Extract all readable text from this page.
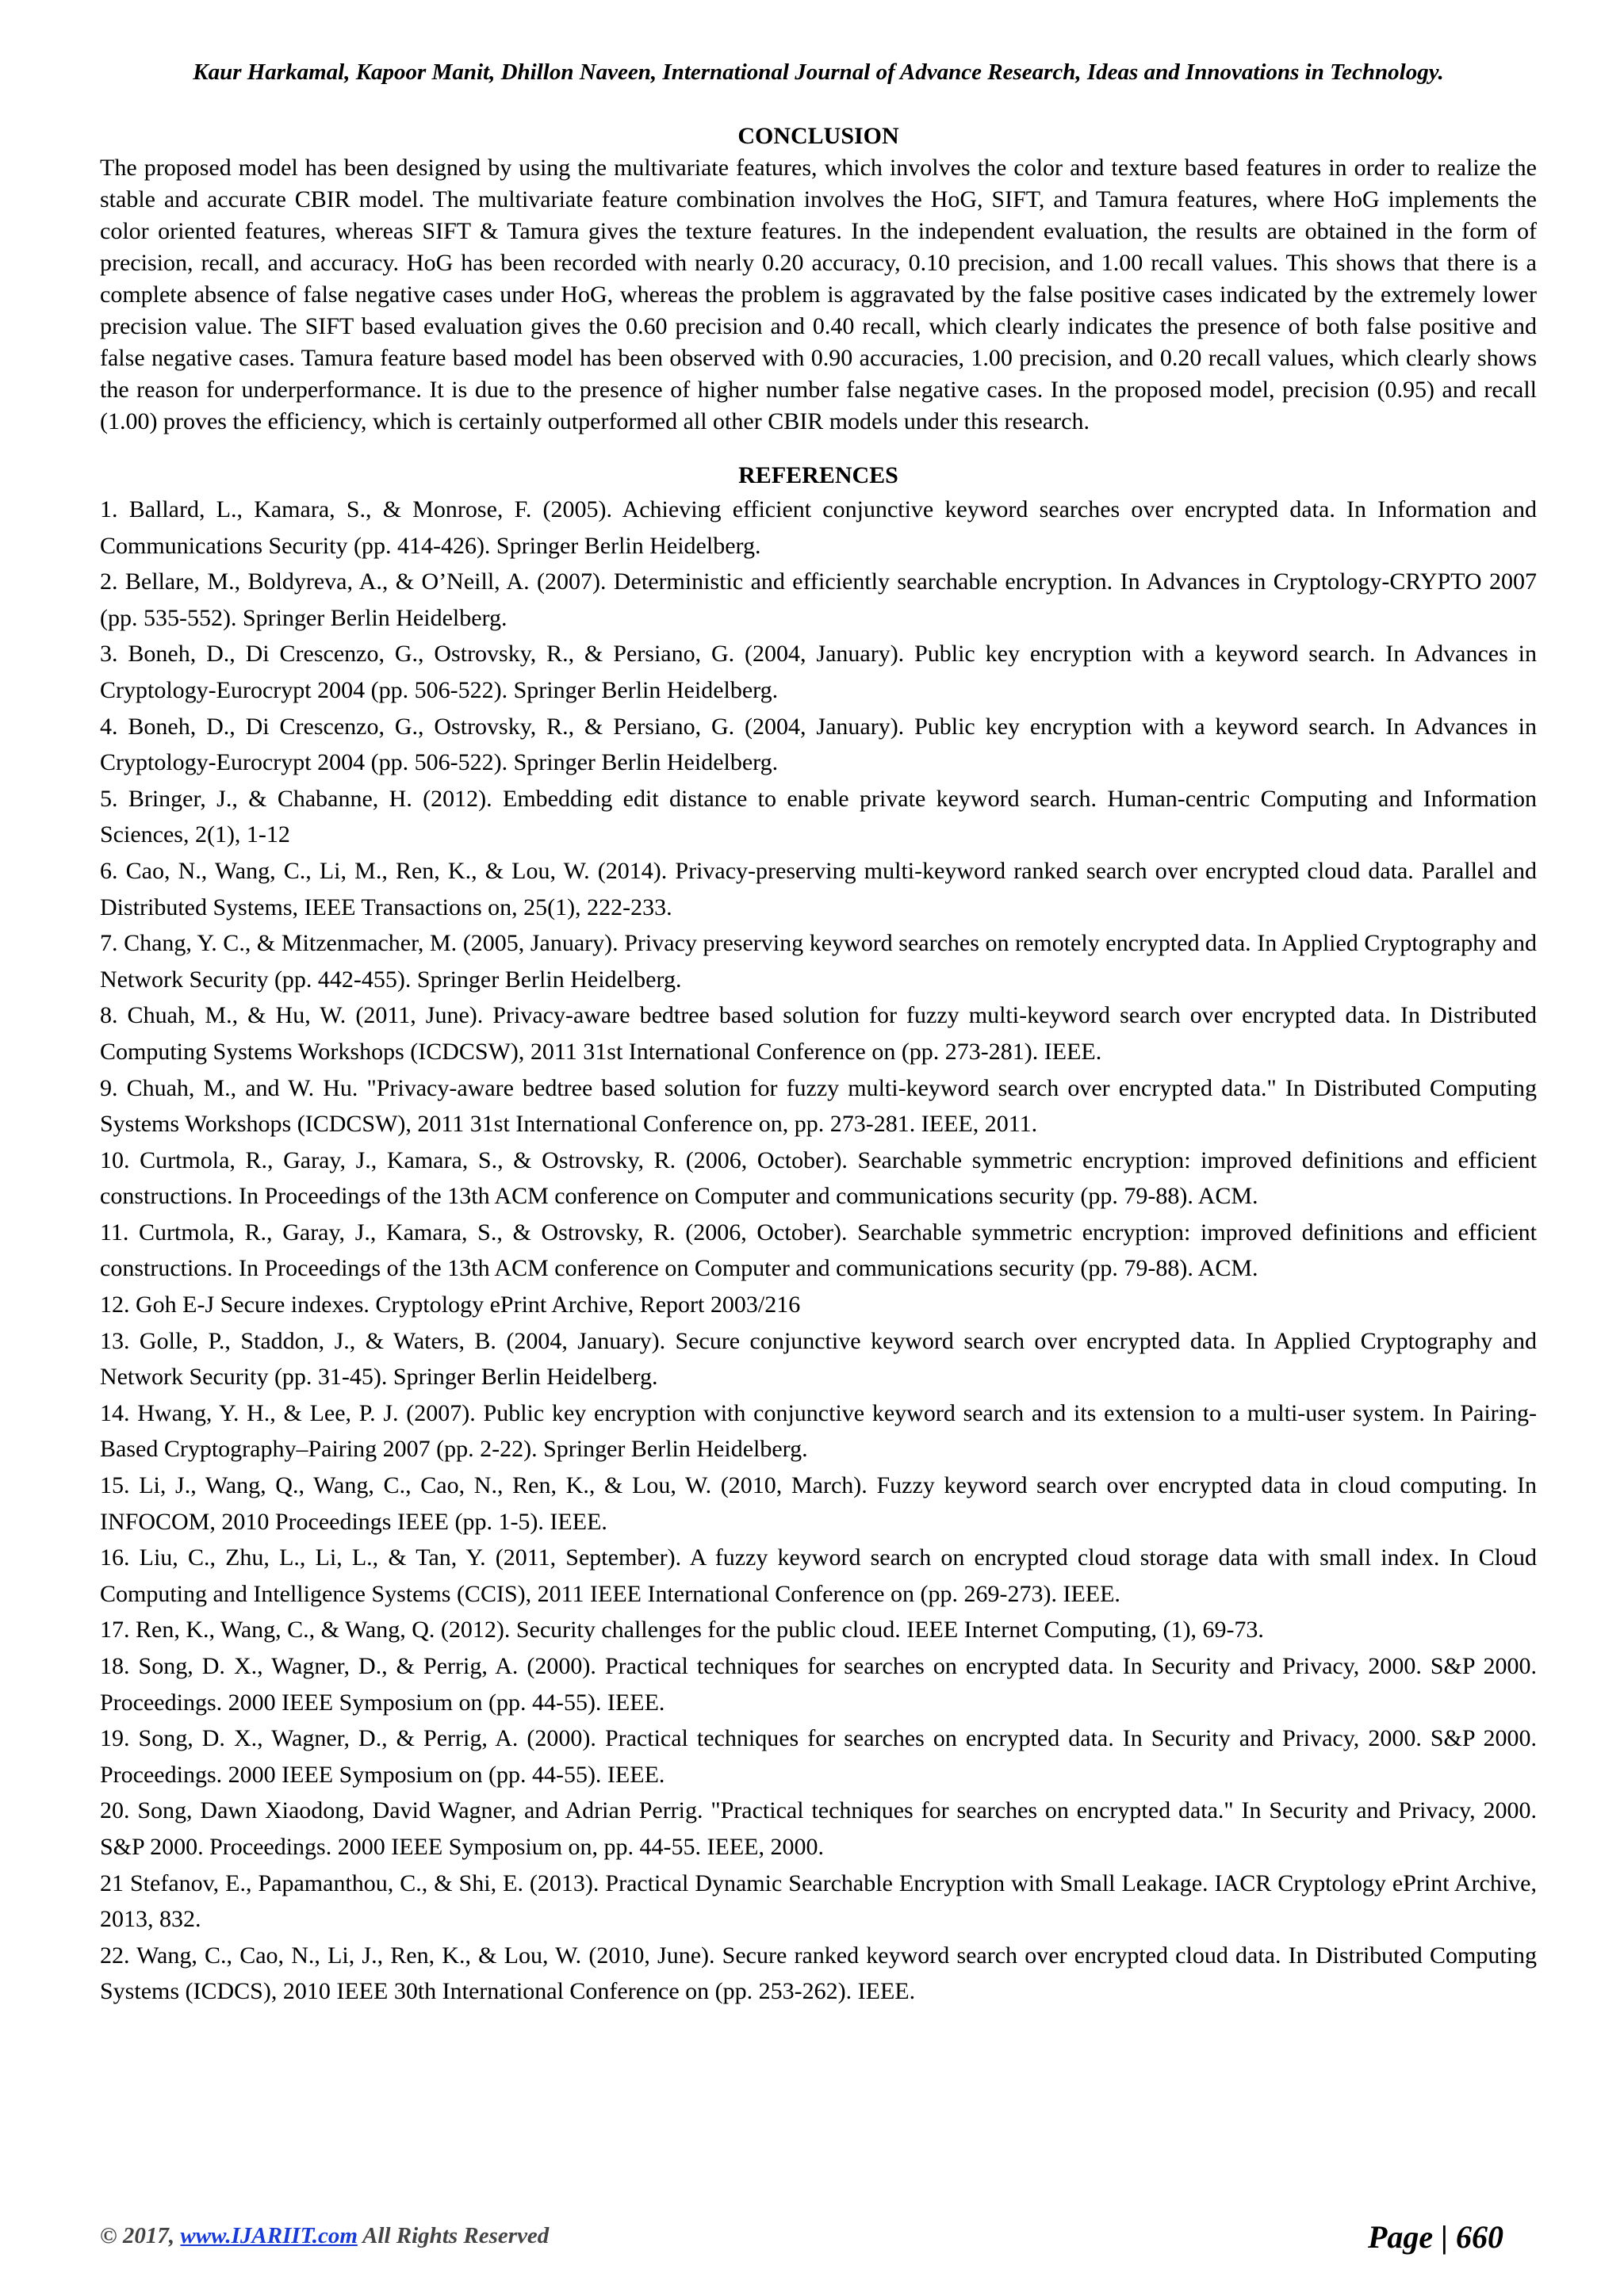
Kaur Harkamal, Kapoor Manit, Dhillon Naveen, International Journal of Advance Research, Ideas and Innovations in Technology.
CONCLUSION

The proposed model has been designed by using the multivariate features, which involves the color and texture based features in order to realize the stable and accurate CBIR model. The multivariate feature combination involves the HoG, SIFT, and Tamura features, where HoG implements the color oriented features, whereas SIFT & Tamura gives the texture features. In the independent evaluation, the results are obtained in the form of precision, recall, and accuracy. HoG has been recorded with nearly 0.20 accuracy, 0.10 precision, and 1.00 recall values. This shows that there is a complete absence of false negative cases under HoG, whereas the problem is aggravated by the false positive cases indicated by the extremely lower precision value. The SIFT based evaluation gives the 0.60 precision and 0.40 recall, which clearly indicates the presence of both false positive and false negative cases. Tamura feature based model has been observed with 0.90 accuracies, 1.00 precision, and 0.20 recall values, which clearly shows the reason for underperformance. It is due to the presence of higher number false negative cases. In the proposed model, precision (0.95) and recall (1.00) proves the efficiency, which is certainly outperformed all other CBIR models under this research.

REFERENCES
1. Ballard, L., Kamara, S., & Monrose, F. (2005). Achieving efficient conjunctive keyword searches over encrypted data. In Information and Communications Security (pp. 414-426). Springer Berlin Heidelberg.
2. Bellare, M., Boldyreva, A., & O’Neill, A. (2007). Deterministic and efficiently searchable encryption. In Advances in Cryptology-CRYPTO 2007 (pp. 535-552). Springer Berlin Heidelberg.
3. Boneh, D., Di Crescenzo, G., Ostrovsky, R., & Persiano, G. (2004, January). Public key encryption with a keyword search. In Advances in Cryptology-Eurocrypt 2004 (pp. 506-522). Springer Berlin Heidelberg.
4. Boneh, D., Di Crescenzo, G., Ostrovsky, R., & Persiano, G. (2004, January). Public key encryption with a keyword search. In Advances in Cryptology-Eurocrypt 2004 (pp. 506-522). Springer Berlin Heidelberg.
5. Bringer, J., & Chabanne, H. (2012). Embedding edit distance to enable private keyword search. Human-centric Computing and Information Sciences, 2(1), 1-12
6. Cao, N., Wang, C., Li, M., Ren, K., & Lou, W. (2014). Privacy-preserving multi-keyword ranked search over encrypted cloud data. Parallel and Distributed Systems, IEEE Transactions on, 25(1), 222-233.
7. Chang, Y. C., & Mitzenmacher, M. (2005, January). Privacy preserving keyword searches on remotely encrypted data. In Applied Cryptography and Network Security (pp. 442-455). Springer Berlin Heidelberg.
8. Chuah, M., & Hu, W. (2011, June). Privacy-aware bedtree based solution for fuzzy multi-keyword search over encrypted data. In Distributed Computing Systems Workshops (ICDCSW), 2011 31st International Conference on (pp. 273-281). IEEE.
9. Chuah, M., and W. Hu. "Privacy-aware bedtree based solution for fuzzy multi-keyword search over encrypted data." In Distributed Computing Systems Workshops (ICDCSW), 2011 31st International Conference on, pp. 273-281. IEEE, 2011.
10. Curtmola, R., Garay, J., Kamara, S., & Ostrovsky, R. (2006, October). Searchable symmetric encryption: improved definitions and efficient constructions. In Proceedings of the 13th ACM conference on Computer and communications security (pp. 79-88). ACM.
11. Curtmola, R., Garay, J., Kamara, S., & Ostrovsky, R. (2006, October). Searchable symmetric encryption: improved definitions and efficient constructions. In Proceedings of the 13th ACM conference on Computer and communications security (pp. 79-88). ACM.
12. Goh E-J Secure indexes. Cryptology ePrint Archive, Report 2003/216
13. Golle, P., Staddon, J., & Waters, B. (2004, January). Secure conjunctive keyword search over encrypted data. In Applied Cryptography and Network Security (pp. 31-45). Springer Berlin Heidelberg.
14. Hwang, Y. H., & Lee, P. J. (2007). Public key encryption with conjunctive keyword search and its extension to a multi-user system. In Pairing-Based Cryptography–Pairing 2007 (pp. 2-22). Springer Berlin Heidelberg.
15. Li, J., Wang, Q., Wang, C., Cao, N., Ren, K., & Lou, W. (2010, March). Fuzzy keyword search over encrypted data in cloud computing. In INFOCOM, 2010 Proceedings IEEE (pp. 1-5). IEEE.
16. Liu, C., Zhu, L., Li, L., & Tan, Y. (2011, September). A fuzzy keyword search on encrypted cloud storage data with small index. In Cloud Computing and Intelligence Systems (CCIS), 2011 IEEE International Conference on (pp. 269-273). IEEE.
17. Ren, K., Wang, C., & Wang, Q. (2012). Security challenges for the public cloud. IEEE Internet Computing, (1), 69-73.
18. Song, D. X., Wagner, D., & Perrig, A. (2000). Practical techniques for searches on encrypted data. In Security and Privacy, 2000. S&P 2000. Proceedings. 2000 IEEE Symposium on (pp. 44-55). IEEE.
19. Song, D. X., Wagner, D., & Perrig, A. (2000). Practical techniques for searches on encrypted data. In Security and Privacy, 2000. S&P 2000. Proceedings. 2000 IEEE Symposium on (pp. 44-55). IEEE.
20. Song, Dawn Xiaodong, David Wagner, and Adrian Perrig. "Practical techniques for searches on encrypted data." In Security and Privacy, 2000. S&P 2000. Proceedings. 2000 IEEE Symposium on, pp. 44-55. IEEE, 2000.
21 Stefanov, E., Papamanthou, C., & Shi, E. (2013). Practical Dynamic Searchable Encryption with Small Leakage. IACR Cryptology ePrint Archive, 2013, 832.
22. Wang, C., Cao, N., Li, J., Ren, K., & Lou, W. (2010, June). Secure ranked keyword search over encrypted cloud data. In Distributed Computing Systems (ICDCS), 2010 IEEE 30th International Conference on (pp. 253-262). IEEE.
© 2017, www.IJARIIT.com All Rights Reserved	Page | 660
